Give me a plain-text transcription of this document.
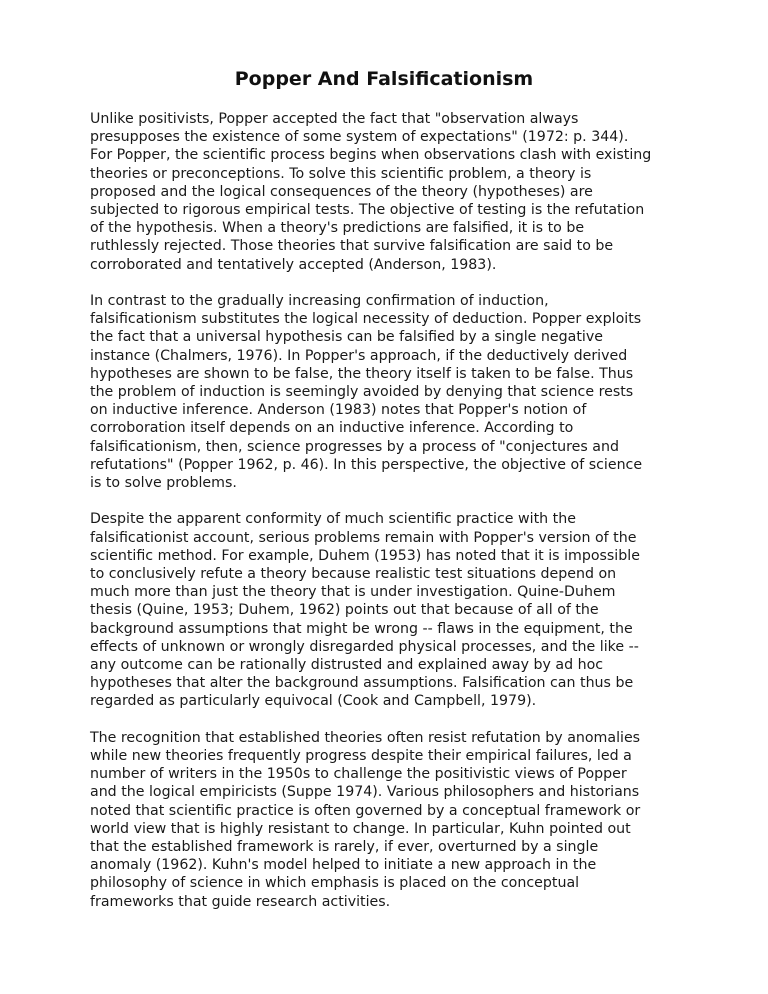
Popper And Falsificationism

Unlike positivists, Popper accepted the fact that "observation always
presupposes the existence of some system of expectations" (1972: p. 344).
For Popper, the scientific process begins when observations clash with existing
theories or preconceptions. To solve this scientific problem, a theory is
proposed and the logical consequences of the theory (hypotheses) are
subjected to rigorous empirical tests. The objective of testing is the refutation
of the hypothesis. When a theory's predictions are falsified, it is to be
ruthlessly rejected. Those theories that survive falsification are said to be
corroborated and tentatively accepted (Anderson, 1983).

In contrast to the gradually increasing confirmation of induction,
falsificationism substitutes the logical necessity of deduction. Popper exploits
the fact that a universal hypothesis can be falsified by a single negative
instance (Chalmers, 1976). In Popper's approach, if the deductively derived
hypotheses are shown to be false, the theory itself is taken to be false. Thus
the problem of induction is seemingly avoided by denying that science rests
on inductive inference. Anderson (1983) notes that Popper's notion of
corroboration itself depends on an inductive inference. According to
falsificationism, then, science progresses by a process of "conjectures and
refutations" (Popper 1962, p. 46). In this perspective, the objective of science
is to solve problems.

Despite the apparent conformity of much scientific practice with the
falsificationist account, serious problems remain with Popper's version of the
scientific method. For example, Duhem (1953) has noted that it is impossible
to conclusively refute a theory because realistic test situations depend on
much more than just the theory that is under investigation. Quine-Duhem
thesis (Quine, 1953; Duhem, 1962) points out that because of all of the
background assumptions that might be wrong -- flaws in the equipment, the
effects of unknown or wrongly disregarded physical processes, and the like --
any outcome can be rationally distrusted and explained away by ad hoc
hypotheses that alter the background assumptions. Falsification can thus be
regarded as particularly equivocal (Cook and Campbell, 1979).

The recognition that established theories often resist refutation by anomalies
while new theories frequently progress despite their empirical failures, led a
number of writers in the 1950s to challenge the positivistic views of Popper
and the logical empiricists (Suppe 1974). Various philosophers and historians
noted that scientific practice is often governed by a conceptual framework or
world view that is highly resistant to change. In particular, Kuhn pointed out
that the established framework is rarely, if ever, overturned by a single
anomaly (1962). Kuhn's model helped to initiate a new approach in the
philosophy of science in which emphasis is placed on the conceptual
frameworks that guide research activities.
